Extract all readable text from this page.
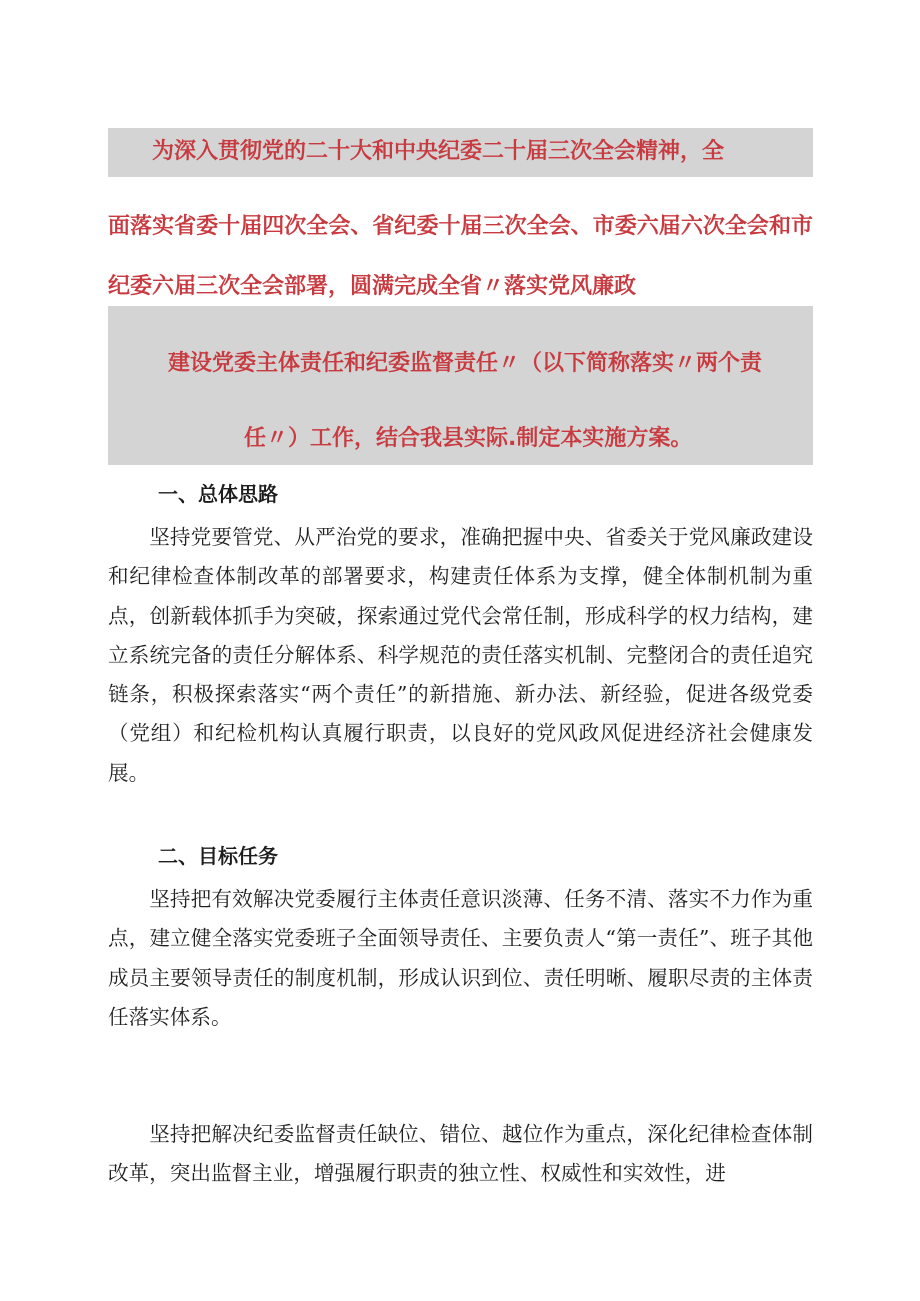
为深入贯彻党的二十大和中央纪委二十届三次全会精神，全
面落实省委十届四次全会、省纪委十届三次全会、市委六届六次全会和市
纪委六届三次全会部署，圆满完成全省〃落实党风廉政
建设党委主体责任和纪委监督责任〃（以下简称落实〃两个责
任〃）工作，结合我县实际.制定本实施方案。
一、总体思路

坚持党要管党、从严治党的要求，准确把握中央、省委关于党风廉政建设和纪律检查体制改革的部署要求，构建责任体系为支撑，健全体制机制为重点，创新载体抓手为突破，探索通过党代会常任制，形成科学的权力结构，建立系统完备的责任分解体系、科学规范的责任落实机制、完整闭合的责任追究链条，积极探索落实“两个责任”的新措施、新办法、新经验，促进各级党委（党组）和纪检机构认真履行职责，以良好的党风政风促进经济社会健康发展。

二、目标任务

坚持把有效解决党委履行主体责任意识淡薄、任务不清、落实不力作为重点，建立健全落实党委班子全面领导责任、主要负责人“第一责任”、班子其他成员主要领导责任的制度机制，形成认识到位、责任明晰、履职尽责的主体责任落实体系。

坚持把解决纪委监督责任缺位、错位、越位作为重点，深化纪律检查体制改革，突出监督主业，增强履行职责的独立性、权威性和实效性，进
